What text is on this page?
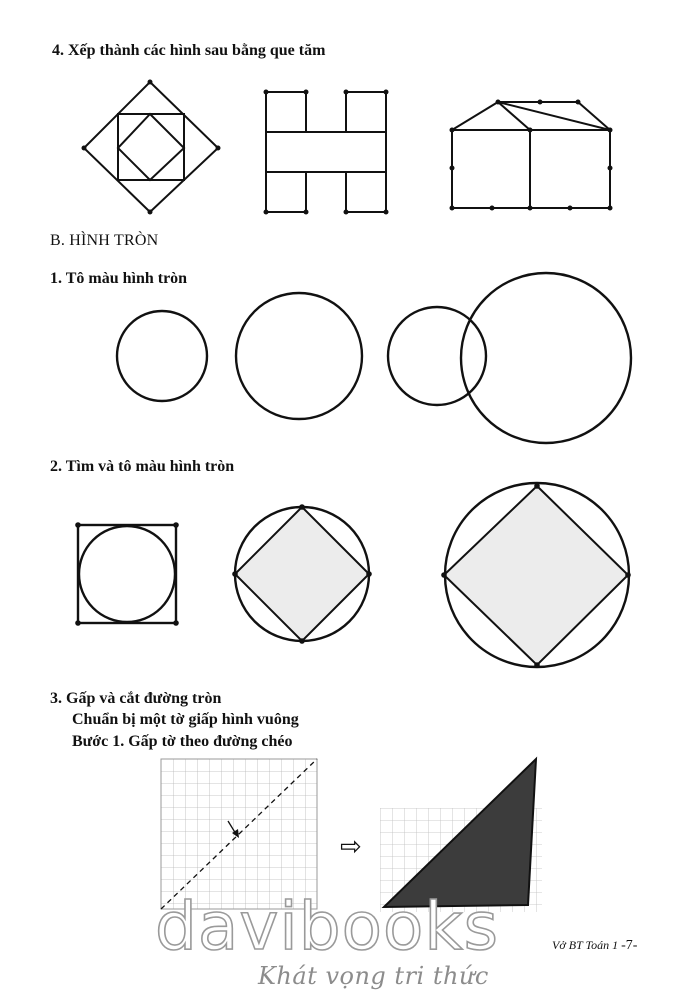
4. Xếp thành các hình sau bằng que tăm
B. HÌNH TRÒN
1. Tô màu hình tròn
2. Tìm và tô màu hình tròn
3. Gấp và cắt đường tròn
Chuẩn bị một tờ giấp hình vuông
Bước 1. Gấp tờ theo đường chéo
⇨
Vở BT Toán 1 -7-
davibooks
Khát vọng tri thức
